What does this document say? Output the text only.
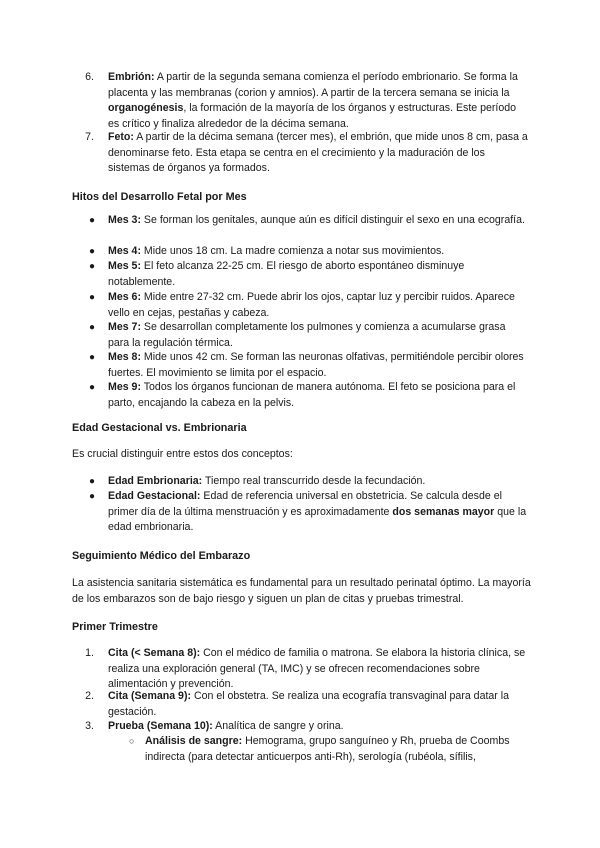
6. Embrión: A partir de la segunda semana comienza el período embrionario. Se forma la placenta y las membranas (corion y amnios). A partir de la tercera semana se inicia la organogénesis, la formación de la mayoría de los órganos y estructuras. Este período es crítico y finaliza alrededor de la décima semana.
7. Feto: A partir de la décima semana (tercer mes), el embrión, que mide unos 8 cm, pasa a denominarse feto. Esta etapa se centra en el crecimiento y la maduración de los sistemas de órganos ya formados.
Hitos del Desarrollo Fetal por Mes
● Mes 3: Se forman los genitales, aunque aún es difícil distinguir el sexo en una ecografía.
● Mes 4: Mide unos 18 cm. La madre comienza a notar sus movimientos.
● Mes 5: El feto alcanza 22-25 cm. El riesgo de aborto espontáneo disminuye notablemente.
● Mes 6: Mide entre 27-32 cm. Puede abrir los ojos, captar luz y percibir ruidos. Aparece vello en cejas, pestañas y cabeza.
● Mes 7: Se desarrollan completamente los pulmones y comienza a acumularse grasa para la regulación térmica.
● Mes 8: Mide unos 42 cm. Se forman las neuronas olfativas, permitiéndole percibir olores fuertes. El movimiento se limita por el espacio.
● Mes 9: Todos los órganos funcionan de manera autónoma. El feto se posiciona para el parto, encajando la cabeza en la pelvis.
Edad Gestacional vs. Embrionaria
Es crucial distinguir entre estos dos conceptos:
● Edad Embrionaria: Tiempo real transcurrido desde la fecundación.
● Edad Gestacional: Edad de referencia universal en obstetricia. Se calcula desde el primer día de la última menstruación y es aproximadamente dos semanas mayor que la edad embrionaria.
Seguimiento Médico del Embarazo
La asistencia sanitaria sistemática es fundamental para un resultado perinatal óptimo. La mayoría de los embarazos son de bajo riesgo y siguen un plan de citas y pruebas trimestral.
Primer Trimestre
1. Cita (< Semana 8): Con el médico de familia o matrona. Se elabora la historia clínica, se realiza una exploración general (TA, IMC) y se ofrecen recomendaciones sobre alimentación y prevención.
2. Cita (Semana 9): Con el obstetra. Se realiza una ecografía transvaginal para datar la gestación.
3. Prueba (Semana 10): Analítica de sangre y orina.
○ Análisis de sangre: Hemograma, grupo sanguíneo y Rh, prueba de Coombs indirecta (para detectar anticuerpos anti-Rh), serología (rubéola, sífilis,
